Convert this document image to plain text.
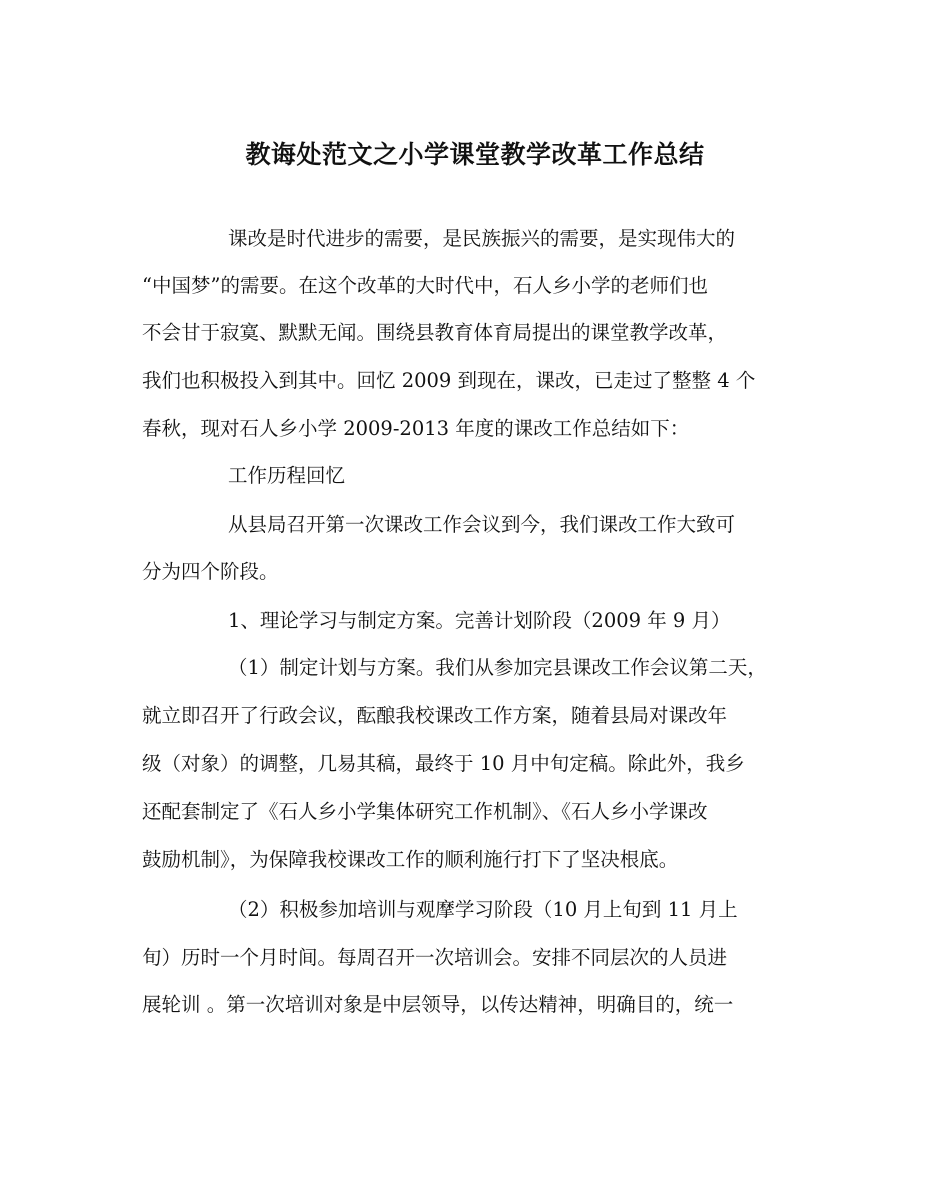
教诲处范文之小学课堂教学改革工作总结
课改是时代进步的需要，是民族振兴的需要，是实现伟大的
“中国梦”的需要。在这个改革的大时代中，石人乡小学的老师们也
不会甘于寂寞、默默无闻。围绕县教育体育局提出的课堂教学改革，
我们也积极投入到其中。回忆 2009 到现在，课改，已走过了整整 4 个
春秋，现对石人乡小学 2009-2013 年度的课改工作总结如下：
工作历程回忆
从县局召开第一次课改工作会议到今，我们课改工作大致可
分为四个阶段。
1、理论学习与制定方案。完善计划阶段（2009 年 9 月）
（1）制定计划与方案。我们从参加完县课改工作会议第二天，
就立即召开了行政会议，酝酿我校课改工作方案，随着县局对课改年
级（对象）的调整，几易其稿，最终于 10 月中旬定稿。除此外，我乡
还配套制定了《石人乡小学集体研究工作机制》、《石人乡小学课改
鼓励机制》，为保障我校课改工作的顺利施行打下了坚决根底。
（2）积极参加培训与观摩学习阶段（10 月上旬到 11 月上
旬）历时一个月时间。每周召开一次培训会。安排不同层次的人员进
展轮训 。第一次培训对象是中层领导，以传达精神，明确目的，统一
